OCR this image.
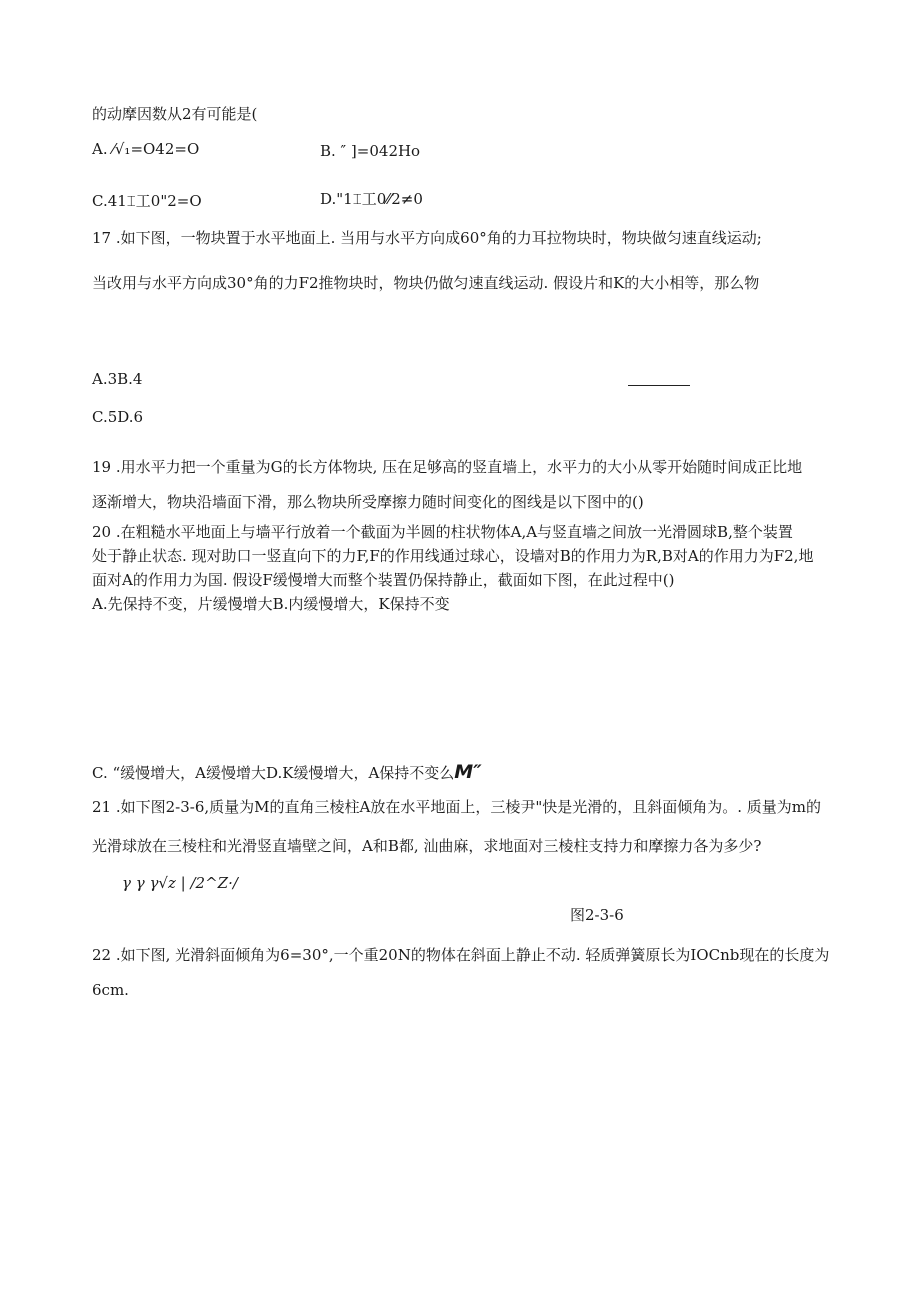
的动摩因数从2有可能是(
A. ⁄√₁=O42=O	B. ″ ]=042Ho
C.41⌶工0"2=O	D."1⌶工0⁄⁄2≠0
17 .如下图，一物块置于水平地面上. 当用与水平方向成60°角的力耳拉物块时，物块做匀速直线运动;
当改用与水平方向成30°角的力F2推物块时，物块仍做匀速直线运动. 假设片和K的大小相等，那么物
A.3B.4
C.5D.6
19 .用水平力把一个重量为G的长方体物块, 压在足够高的竖直墙上，水平力的大小从零开始随时间成正比地
逐渐增大，物块沿墙面下滑，那么物块所受摩擦力随时间变化的图线是以下图中的()
20 .在粗糙水平地面上与墙平行放着一个截面为半圆的柱状物体A,A与竖直墙之间放一光滑圆球B,整个装置
处于静止状态. 现对助口一竖直向下的力F,F的作用线通过球心，设墙对B的作用力为R,B对A的作用力为F2,地
面对A的作用力为国. 假设F缓慢增大而整个装置仍保持静止，截面如下图，在此过程中()
A.先保持不变，片缓慢增大B.内缓慢增大，K保持不变
C. “缓慢增大，A缓慢增大D.K缓慢增大，A保持不变么M″
21 .如下图2-3-6,质量为M的直角三棱柱A放在水平地面上，三棱尹"快是光滑的，且斜面倾角为。. 质量为m的
光滑球放在三棱柱和光滑竖直墙壁之间，A和B都, 汕曲麻，求地面对三棱柱支持力和摩擦力各为多少?
γ γ γ√z | /2^Z·/
图2-3-6
22 .如下图, 光滑斜面倾角为6=30°,一个重20N的物体在斜面上静止不动. 轻质弹簧原长为IOCnb现在的长度为
6cm.
